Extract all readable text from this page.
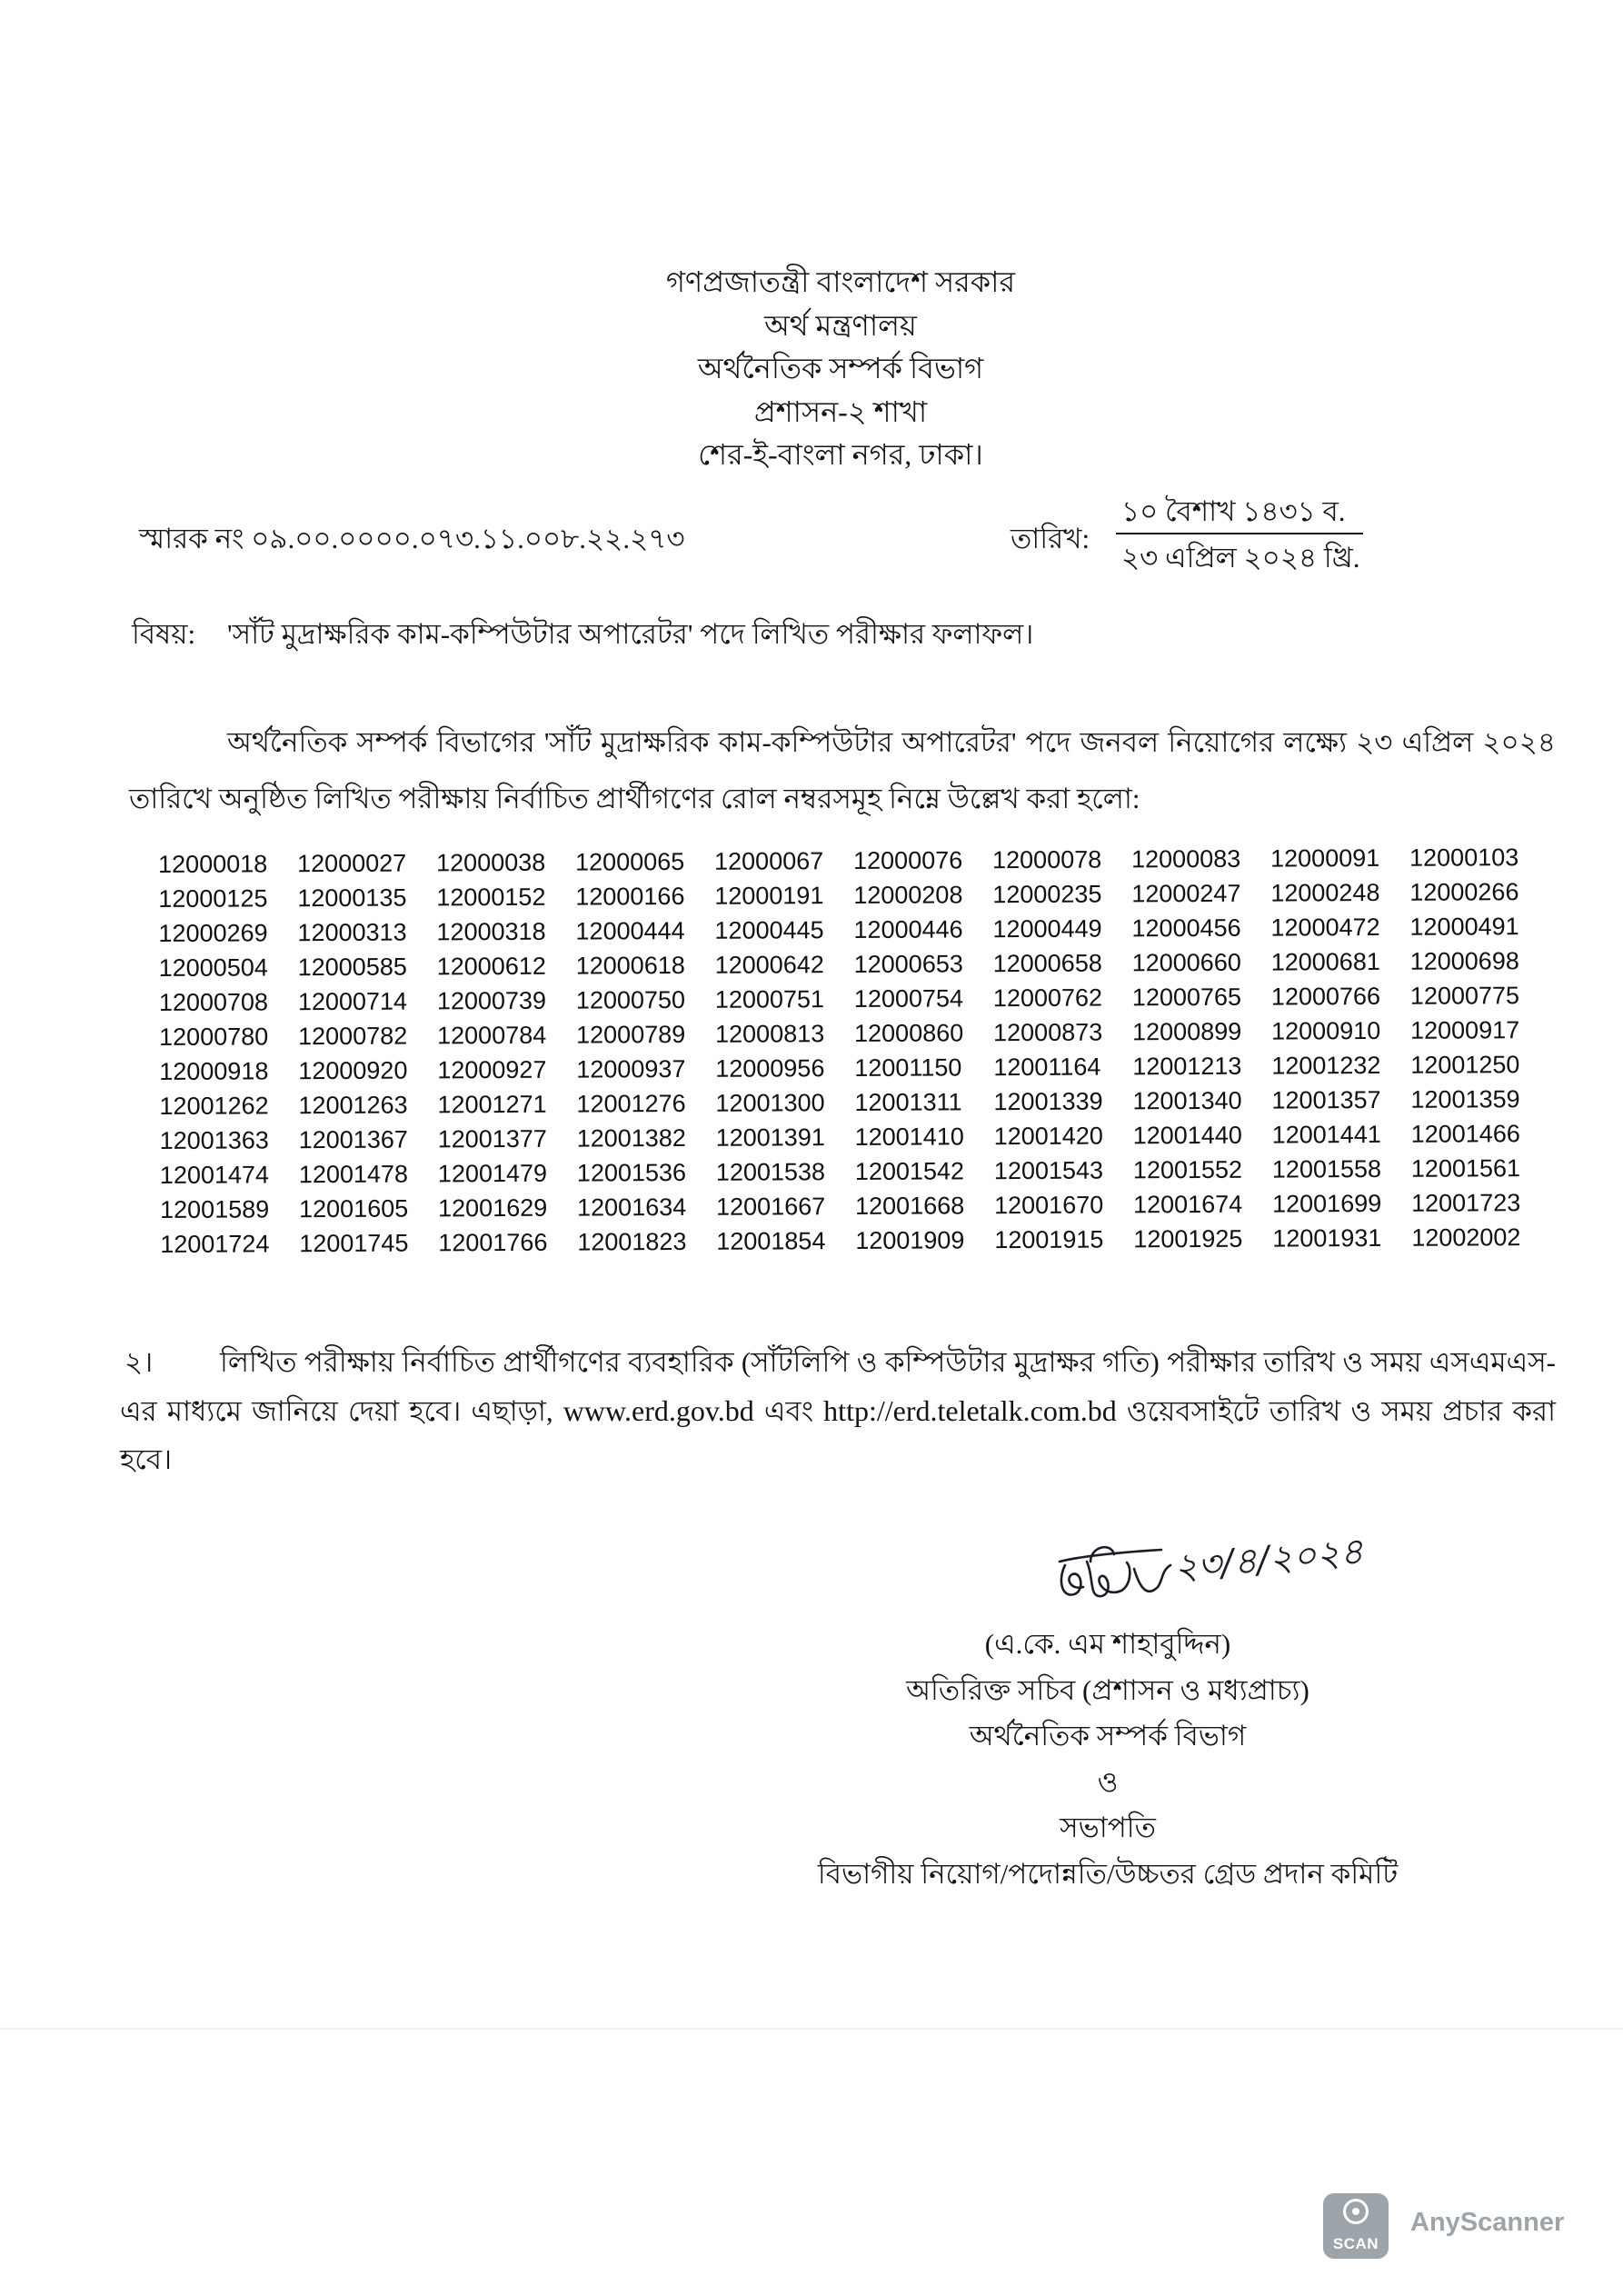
গণপ্রজাতন্ত্রী বাংলাদেশ সরকার
অর্থ মন্ত্রণালয়
অর্থনৈতিক সম্পর্ক বিভাগ
প্রশাসন-২ শাখা
শের-ই-বাংলা নগর, ঢাকা।
স্মারক নং ০৯.০০.০০০০.০৭৩.১১.০০৮.২২.২৭৩	তারিখ:
১০ বৈশাখ ১৪৩১ ব.
২৩ এপ্রিল ২০২৪ খ্রি.
বিষয়: 'সাঁট মুদ্রাক্ষরিক কাম-কম্পিউটার অপারেটর' পদে লিখিত পরীক্ষার ফলাফল।
অর্থনৈতিক সম্পর্ক বিভাগের 'সাঁট মুদ্রাক্ষরিক কাম-কম্পিউটার অপারেটর' পদে জনবল নিয়োগের লক্ষ্যে ২৩ এপ্রিল ২০২৪ তারিখে অনুষ্ঠিত লিখিত পরীক্ষায় নির্বাচিত প্রার্থীগণের রোল নম্বরসমূহ নিম্নে উল্লেখ করা হলো:
12000018	12000027	12000038	12000065	12000067	12000076	12000078	12000083	12000091	12000103
12000125	12000135	12000152	12000166	12000191	12000208	12000235	12000247	12000248	12000266
12000269	12000313	12000318	12000444	12000445	12000446	12000449	12000456	12000472	12000491
12000504	12000585	12000612	12000618	12000642	12000653	12000658	12000660	12000681	12000698
12000708	12000714	12000739	12000750	12000751	12000754	12000762	12000765	12000766	12000775
12000780	12000782	12000784	12000789	12000813	12000860	12000873	12000899	12000910	12000917
12000918	12000920	12000927	12000937	12000956	12001150	12001164	12001213	12001232	12001250
12001262	12001263	12001271	12001276	12001300	12001311	12001339	12001340	12001357	12001359
12001363	12001367	12001377	12001382	12001391	12001410	12001420	12001440	12001441	12001466
12001474	12001478	12001479	12001536	12001538	12001542	12001543	12001552	12001558	12001561
12001589	12001605	12001629	12001634	12001667	12001668	12001670	12001674	12001699	12001723
12001724	12001745	12001766	12001823	12001854	12001909	12001915	12001925	12001931	12002002
২। লিখিত পরীক্ষায় নির্বাচিত প্রার্থীগণের ব্যবহারিক (সাঁটলিপি ও কম্পিউটার মুদ্রাক্ষর গতি) পরীক্ষার তারিখ ও সময় এসএমএস-এর মাধ্যমে জানিয়ে দেয়া হবে। এছাড়া, www.erd.gov.bd এবং http://erd.teletalk.com.bd ওয়েবসাইটে তারিখ ও সময় প্রচার করা হবে।
২৩/৪/২০২৪
(এ.কে. এম শাহাবুদ্দিন)
অতিরিক্ত সচিব (প্রশাসন ও মধ্যপ্রাচ্য)
অর্থনৈতিক সম্পর্ক বিভাগ
ও
সভাপতি
বিভাগীয় নিয়োগ/পদোন্নতি/উচ্চতর গ্রেড প্রদান কমিটি
SCAN
AnyScanner
